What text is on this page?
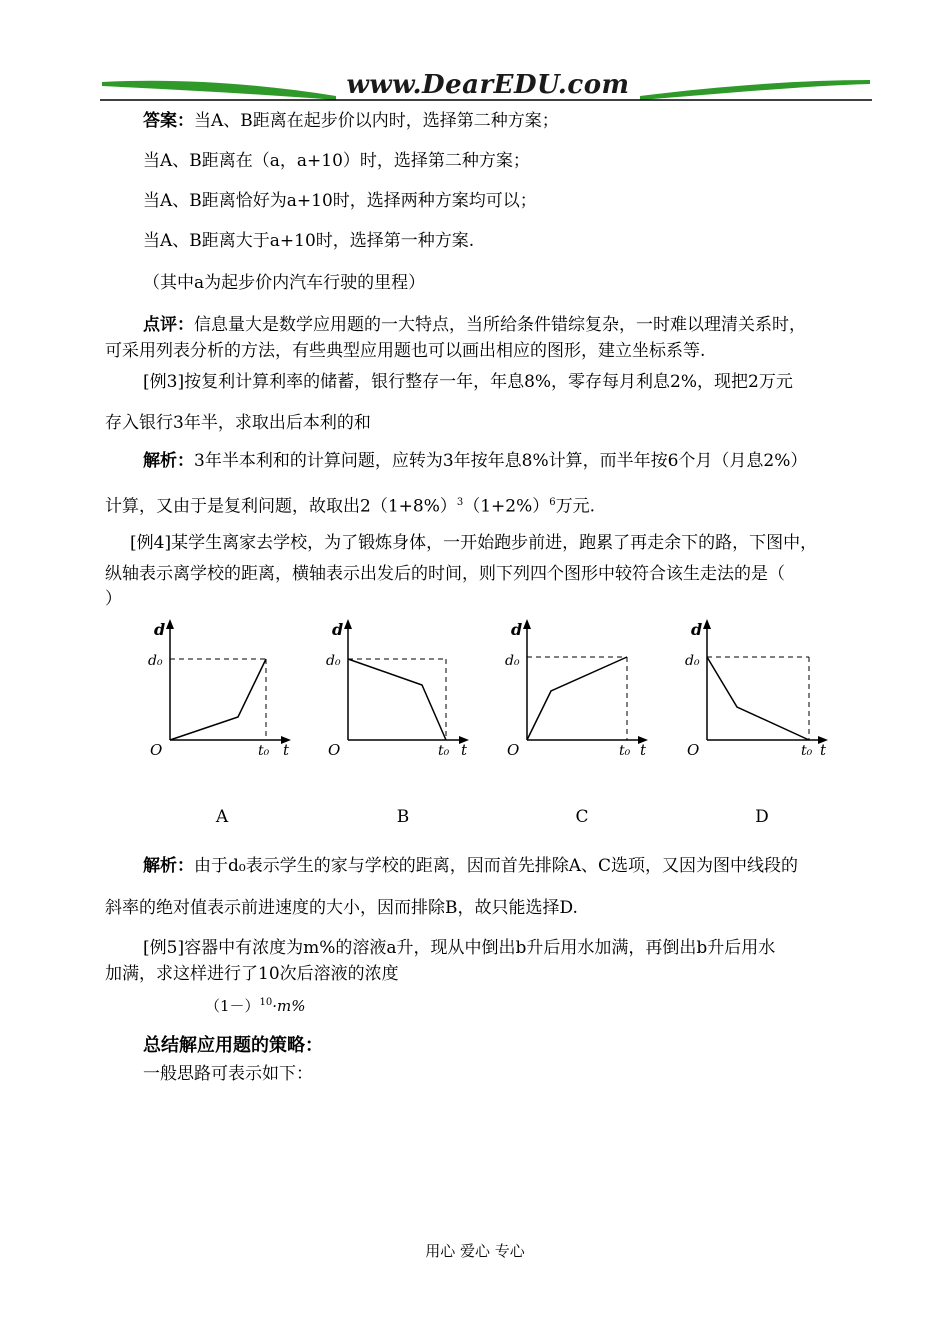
www.DearEDU.com
答案：当A、B距离在起步价以内时，选择第二种方案；
当A、B距离在（a，a+10）时，选择第二种方案；
当A、B距离恰好为a+10时，选择两种方案均可以；
当A、B距离大于a+10时，选择第一种方案.
（其中a为起步价内汽车行驶的里程）
点评：信息量大是数学应用题的一大特点，当所给条件错综复杂，一时难以理清关系时，
可采用列表分析的方法，有些典型应用题也可以画出相应的图形，建立坐标系等.
[例3]按复利计算利率的储蓄，银行整存一年，年息8%，零存每月利息2%，现把2万元
存入银行3年半，求取出后本利的和
解析：3年半本利和的计算问题，应转为3年按年息8%计算，而半年按6个月（月息2%）
计算，又由于是复利问题，故取出$2(1+8\%)^3(1+2\%)^6$万元.
[例4]某学生离家去学校，为了锻炼身体，一开始跑步前进，跑累了再走余下的路，下图中，
纵轴表示离学校的距离，横轴表示出发后的时间，则下列四个图形中较符合该生走法的是（
）
d
d₀
O	t₀ t
d
d₀
O	t₀ t
d
d₀
O	t₀ t
d
d₀
O	t₀ t
A	B	C	D
解析：由于d₀表示学生的家与学校的距离，因而首先排除A、C选项，又因为图中线段的
斜率的绝对值表示前进速度的大小，因而排除B，故只能选择D.
[例5]容器中有浓度为m%的溶液a升，现从中倒出b升后用水加满，再倒出b升后用水
加满，求这样进行了10次后溶液的浓度
$(1-)^{10}\cdot m\%$
总结解应用题的策略：
一般思路可表示如下：
用心 爱心 专心
